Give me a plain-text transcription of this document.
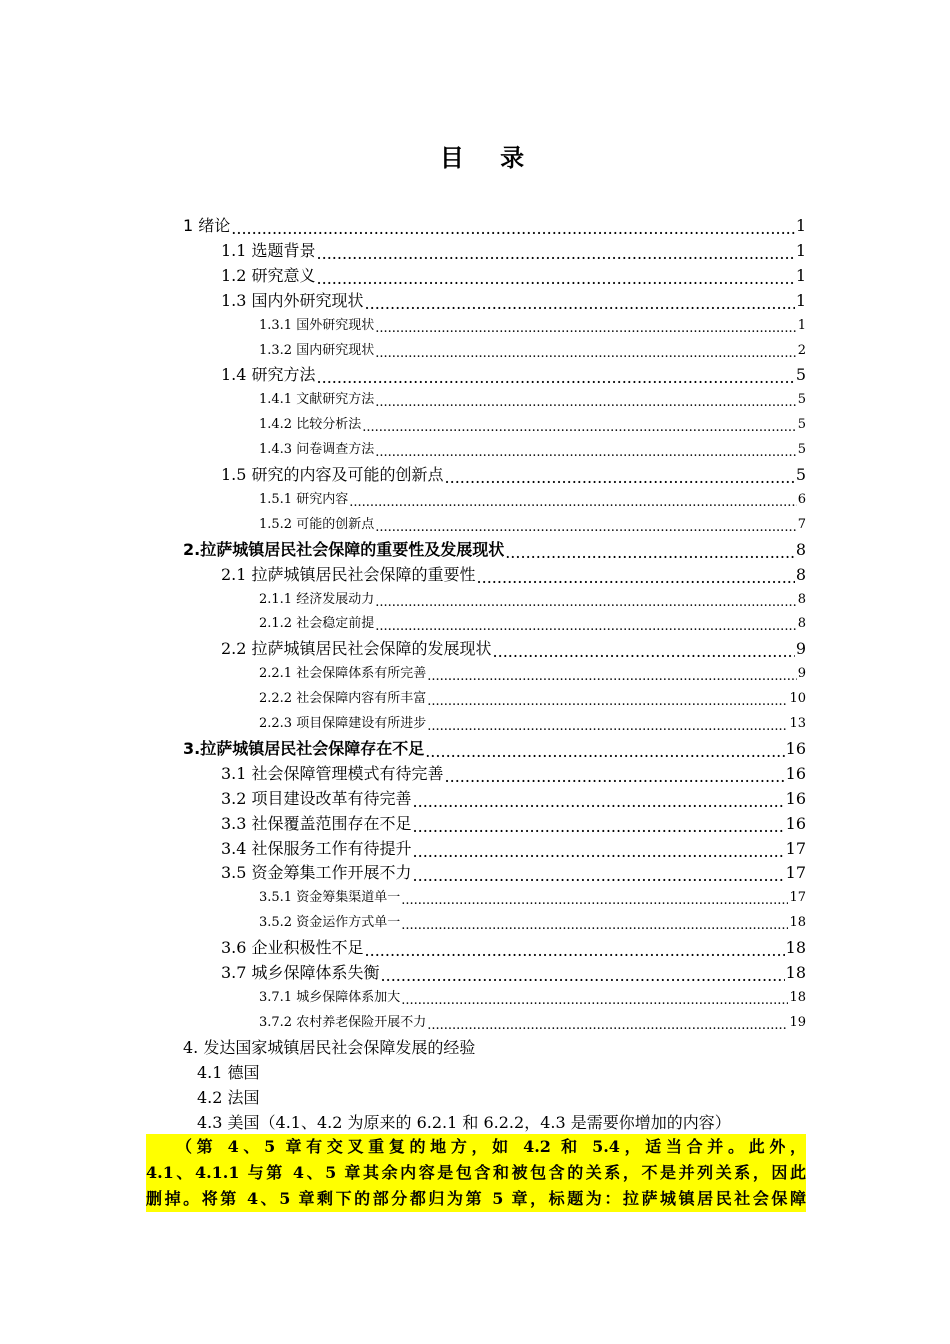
目 录
1 绪论 .....	1
1.1 选题背景 .....	1
1.2 研究意义 .....	1
1.3 国内外研究现状 .....	1
1.3.1 国外研究现状 .....	1
1.3.2 国内研究现状 .....	2
1.4 研究方法 .....	5
1.4.1 文献研究方法 .....	5
1.4.2 比较分析法 .....	5
1.4.3 问卷调查方法 .....	5
1.5 研究的内容及可能的创新点 .....	5
1.5.1 研究内容 .....	6
1.5.2 可能的创新点 .....	7
2.拉萨城镇居民社会保障的重要性及发展现状 .....	8
2.1 拉萨城镇居民社会保障的重要性 .....	8
2.1.1 经济发展动力 .....	8
2.1.2 社会稳定前提 .....	8
2.2 拉萨城镇居民社会保障的发展现状 .....	9
2.2.1 社会保障体系有所完善 .....	9
2.2.2 社会保障内容有所丰富 .....	10
2.2.3 项目保障建设有所进步 .....	13
3.拉萨城镇居民社会保障存在不足 .....	16
3.1 社会保障管理模式有待完善 .....	16
3.2 项目建设改革有待完善 .....	16
3.3 社保覆盖范围存在不足 .....	16
3.4 社保服务工作有待提升 .....	17
3.5 资金筹集工作开展不力 .....	17
3.5.1 资金筹集渠道单一 .....	17
3.5.2 资金运作方式单一 .....	18
3.6 企业积极性不足 .....	18
3.7 城乡保障体系失衡 .....	18
3.7.1 城乡保障体系加大 .....	18
3.7.2 农村养老保险开展不力 .....	19
4. 发达国家城镇居民社会保障发展的经验
4.1 德国
4.2 法国
4.3 美国（4.1、4.2 为原来的 6.2.1 和 6.2.2，4.3 是需要你增加的内容）
（第 4、5 章有交叉重复的地方，如 4.2 和 5.4，适当合并。此外，
4.1、4.1.1 与第 4、5 章其余内容是包含和被包含的关系，不是并列关系，因此
删掉。将第 4、5 章剩下的部分都归为第 5 章，标题为：拉萨城镇居民社会保障
